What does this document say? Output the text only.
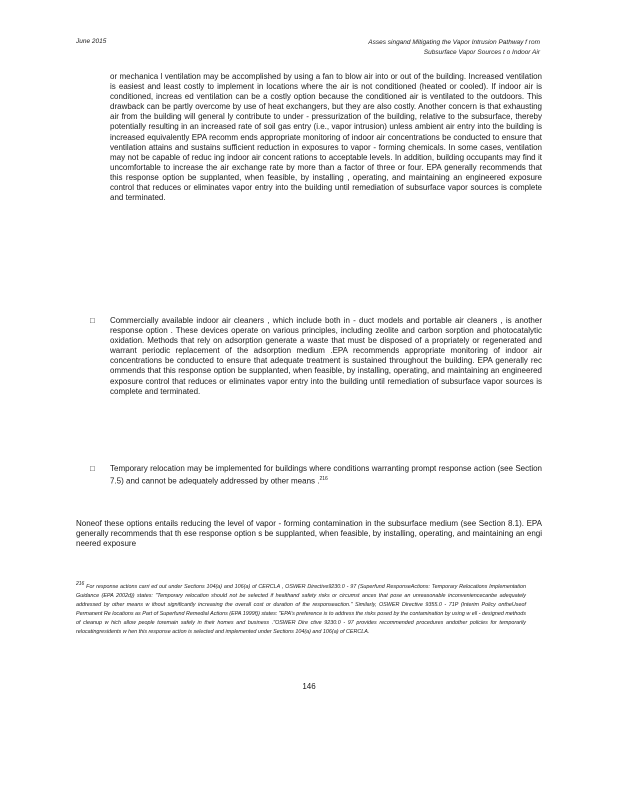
June 2015	Asses singand Mitigating the Vapor Intrusion Pathway f rom
Subsurface Vapor Sources t o Indoor Air

or mechanica l ventilation may be accomplished by using a fan to blow air into or out of the building. Increased ventilation is easiest and least costly to implement in locations where the air is not conditioned (heated or cooled). If indoor air is conditioned, increas ed ventilation can be a costly option because the conditioned air is ventilated to the outdoors. This drawback can be partly overcome by use of heat exchangers, but they are also costly. Another concern is that exhausting air from the building will general ly contribute to under - pressurization of the building, relative to the subsurface, thereby potentially resulting in an increased rate of soil gas entry (i.e., vapor intrusion) unless ambient air entry into the building is increased equivalently EPA recomm ends appropriate monitoring of indoor air concentrations be conducted to ensure that ventilation attains and sustains sufficient reduction in exposures to vapor - forming chemicals. In some cases, ventilation may not be capable of reduc ing indoor air concent rations to acceptable levels. In addition, building occupants may find it uncomfortable to increase the air exchange rate by more than a factor of three or four. EPA generally recommends that this response option be supplanted, when feasible, by installing , operating, and maintaining an engineered exposure control that reduces or eliminates vapor entry into the building until remediation of subsurface vapor sources is complete and terminated.

□ Commercially available indoor air cleaners , which include both in - duct models and portable air cleaners , is another response option . These devices operate on various principles, including zeolite and carbon sorption and photocatalytic oxidation. Methods that rely on adsorption generate a waste that must be disposed of a propriately or regenerated and warrant periodic replacement of the adsorption medium .EPA recommends appropriate monitoring of indoor air concentrations be conducted to ensure that adequate treatment is sustained throughout the building. EPA generally rec ommends that this response option be supplanted, when feasible, by installing, operating, and maintaining an engineered exposure control that reduces or eliminates vapor entry into the building until remediation of subsurface vapor sources is complete and terminated.

□ Temporary relocation may be implemented for buildings where conditions warranting prompt response action (see Section 7.5) and cannot be adequately addressed by other means .$^{216}$

Noneof these options entails reducing the level of vapor - forming contamination in the subsurface medium (see Section 8.1). EPA generally recommends that th ese response option s be supplanted, when feasible, by installing, operating, and maintaining an engi neered exposure

216 For response actions carri ed out under Sections 104(a) and 106(a) of CERCLA , OSWER Directive9230.0 - 97 (Superfund ResponseActions: Temporary Relocations Implementation Guidance (EPA 2002d)) states: "Temporary relocation should not be selected if healthand safety risks or circumst ances that pose an unreasonable inconveniencecanbe adequately addressed by other means w ithout significantly increasing the overall cost or duration of the responseaction." Similarly, OSWER Directive 9355.0 - 71P (Interim Policy ontheUseof Permanent Re locations as Part of Superfund Remedial Actions (EPA 1999f)) states: "EPA's preference is to address the risks posed by the contamination by using w ell - designed methods of cleanup w hich allow people toremain safely in their homes and business ."OSWER Dire ctive 9230.0 - 97 provides recommended procedures andother policies for temporarily relocatingresidents w hen this response action is selected and implemented under Sections 104(a) and 106(a) of CERCLA.
146
